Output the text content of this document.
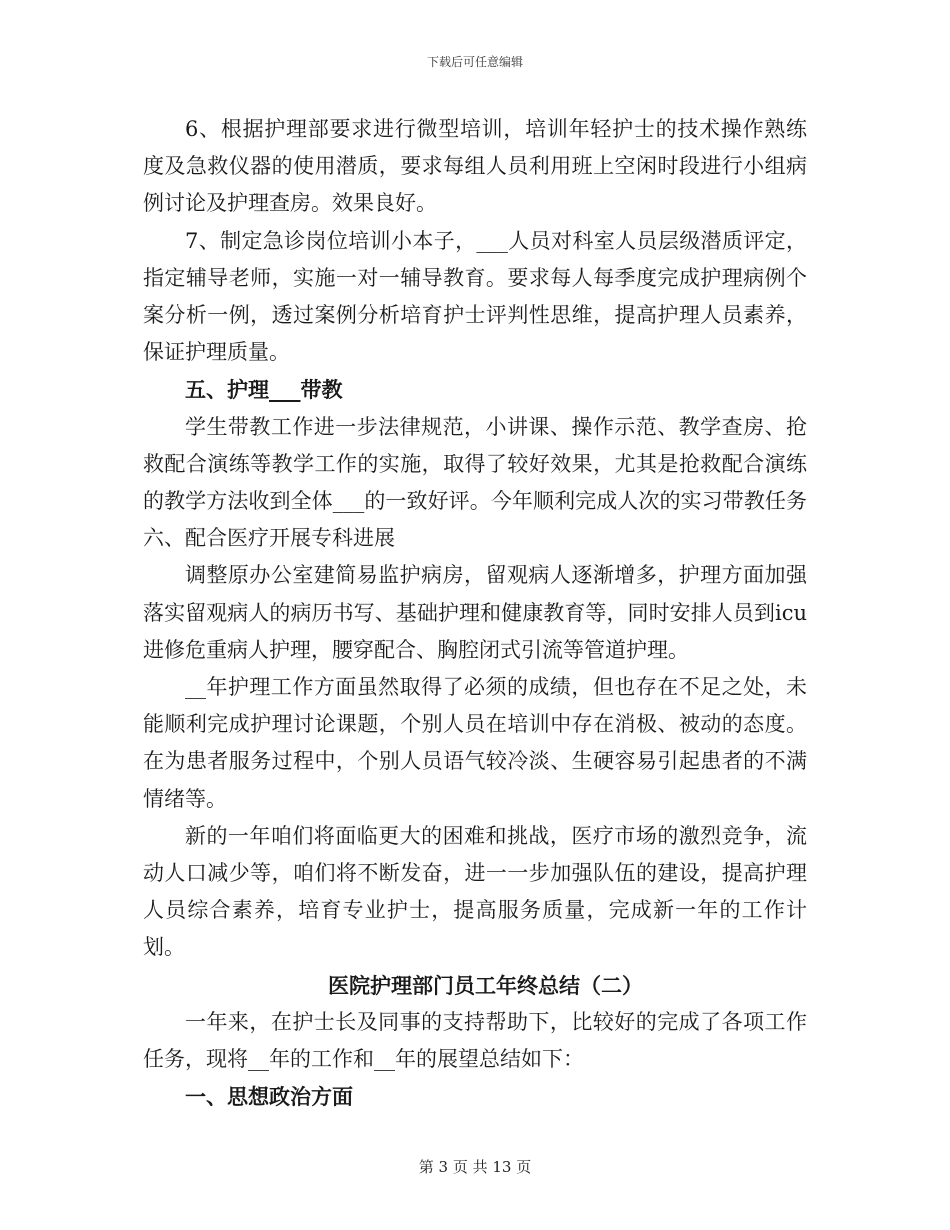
下载后可任意编辑

6、根据护理部要求进行微型培训，培训年轻护士的技术操作熟练度及急救仪器的使用潜质，要求每组人员利用班上空闲时段进行小组病例讨论及护理查房。效果良好。

7、制定急诊岗位培训小本子，___人员对科室人员层级潜质评定，指定辅导老师，实施一对一辅导教育。要求每人每季度完成护理病例个案分析一例，透过案例分析培育护士评判性思维，提高护理人员素养，保证护理质量。

五、护理___带教

学生带教工作进一步法律规范，小讲课、操作示范、教学查房、抢救配合演练等教学工作的实施，取得了较好效果，尤其是抢救配合演练的教学方法收到全体___的一致好评。今年顺利完成人次的实习带教任务六、配合医疗开展专科进展

调整原办公室建简易监护病房，留观病人逐渐增多，护理方面加强落实留观病人的病历书写、基础护理和健康教育等，同时安排人员到icu进修危重病人护理，腰穿配合、胸腔闭式引流等管道护理。

__年护理工作方面虽然取得了必须的成绩，但也存在不足之处，未能顺利完成护理讨论课题，个别人员在培训中存在消极、被动的态度。在为患者服务过程中，个别人员语气较冷淡、生硬容易引起患者的不满情绪等。

新的一年咱们将面临更大的困难和挑战，医疗市场的激烈竞争，流动人口减少等，咱们将不断发奋，进一一步加强队伍的建设，提高护理人员综合素养，培育专业护士，提高服务质量，完成新一年的工作计划。

医院护理部门员工年终总结（二）

一年来，在护士长及同事的支持帮助下，比较好的完成了各项工作任务，现将__年的工作和__年的展望总结如下：

一、思想政治方面

第 3 页 共 13 页
